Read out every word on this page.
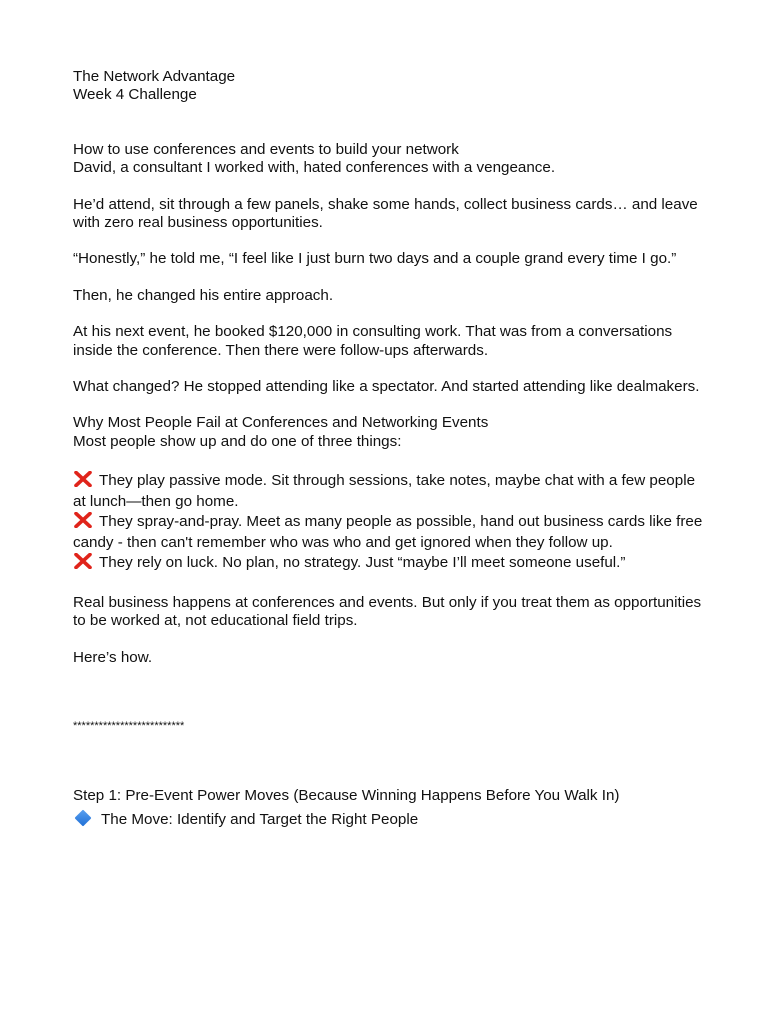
The Network Advantage

Week 4 Challenge

How to use conferences and events to build your network

David, a consultant I worked with, hated conferences with a vengeance.

He’d attend, sit through a few panels, shake some hands, collect business cards… and leave with zero real business opportunities.

“Honestly,” he told me, “I feel like I just burn two days and a couple grand every time I go.”

Then, he changed his entire approach.

At his next event, he booked $120,000 in consulting work. That was from a conversations inside the conference. Then there were follow-ups afterwards.

What changed? He stopped attending like a spectator. And started attending like dealmakers.

Why Most People Fail at Conferences and Networking Events

Most people show up and do one of three things:

They play passive mode. Sit through sessions, take notes, maybe chat with a few people at lunch—then go home.

They spray-and-pray. Meet as many people as possible, hand out business cards like free candy - then can't remember who was who and get ignored when they follow up.

They rely on luck. No plan, no strategy. Just “maybe I’ll meet someone useful.”

Real business happens at conferences and events. But only if you treat them as opportunities to be worked at, not educational field trips.

Here’s how.

**************************

Step 1: Pre-Event Power Moves (Because Winning Happens Before You Walk In)

The Move: Identify and Target the Right People
